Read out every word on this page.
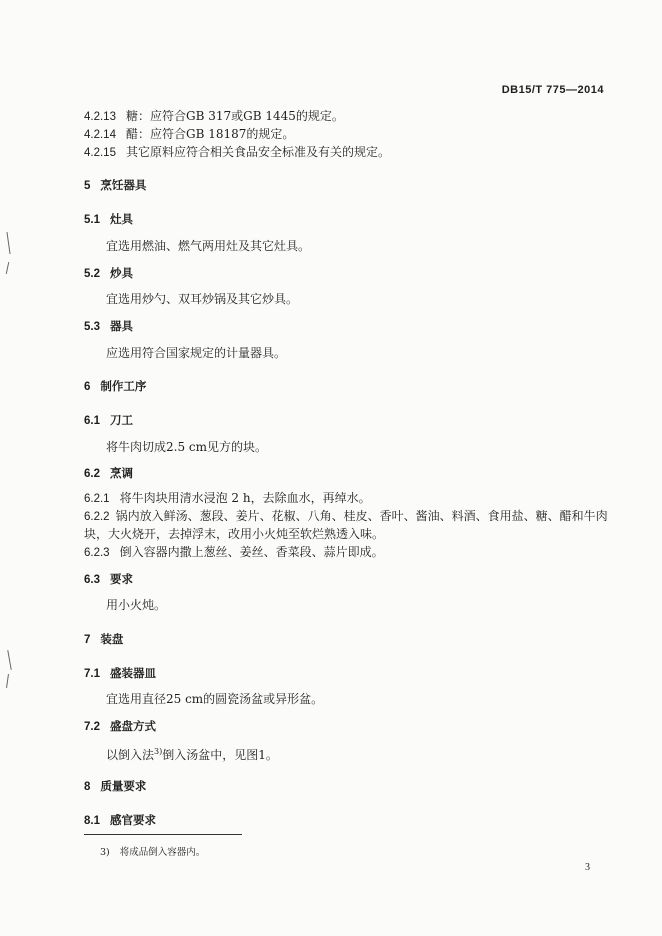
DB15/T 775—2014
4.2.13 糖：应符合GB 317或GB 1445的规定。
4.2.14 醋：应符合GB 18187的规定。
4.2.15 其它原料应符合相关食品安全标准及有关的规定。
5 烹饪器具
5.1 灶具
宜选用燃油、燃气两用灶及其它灶具。
5.2 炒具
宜选用炒勺、双耳炒锅及其它炒具。
5.3 器具
应选用符合国家规定的计量器具。
6 制作工序
6.1 刀工
将牛肉切成2.5 cm见方的块。
6.2 烹调
6.2.1 将牛肉块用清水浸泡 2 h，去除血水，再绰水。
6.2.2 锅内放入鲜汤、葱段、姜片、花椒、八角、桂皮、香叶、酱油、料酒、食用盐、糖、醋和牛肉
块，大火烧开，去掉浮末，改用小火炖至软烂熟透入味。
6.2.3 倒入容器内撒上葱丝、姜丝、香菜段、蒜片即成。
6.3 要求
用小火炖。
7 装盘
7.1 盛装器皿
宜选用直径25 cm的圆瓷汤盆或异形盆。
7.2 盛盘方式
以倒入法$^{3)}$倒入汤盆中，见图1。
8 质量要求
8.1 感官要求
3) 将成品倒入容器内。
3
